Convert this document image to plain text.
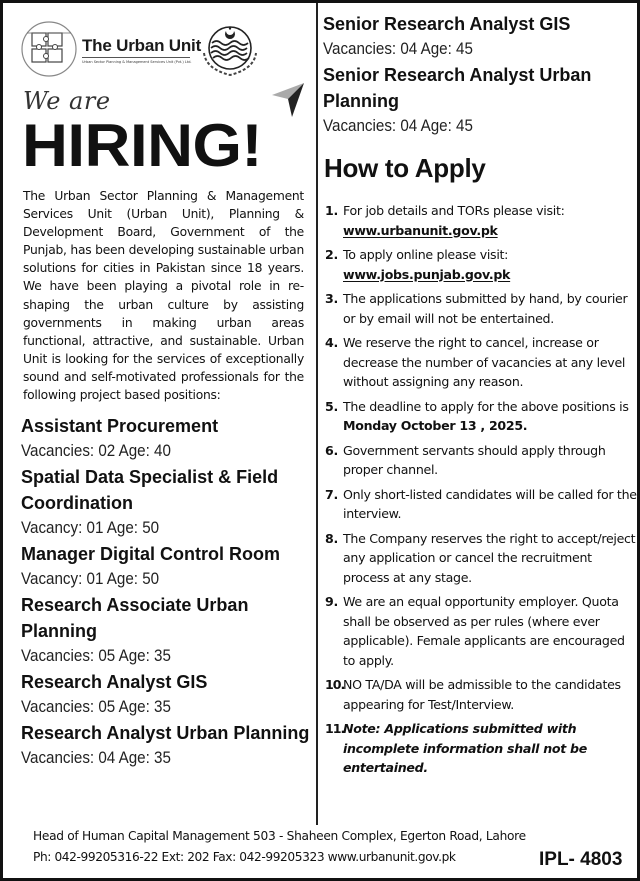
The Urban Unit
Urban Sector Planning & Management Services Unit (Pvt.) Ltd.
We are
HIRING!

The Urban Sector Planning & Management Services Unit (Urban Unit), Planning & Development Board, Government of the Punjab, has been developing sustainable urban solutions for cities in Pakistan since 18 years. We have been playing a pivotal role in re-shaping the urban culture by assisting governments in making urban areas functional, attractive, and sustainable. Urban Unit is looking for the services of exceptionally sound and self-motivated professionals for the following project based positions:

Assistant Procurement
Vacancies: 02 Age: 40
Spatial Data Specialist & Field Coordination
Vacancy: 01 Age: 50
Manager Digital Control Room
Vacancy: 01 Age: 50
Research Associate Urban Planning
Vacancies: 05 Age: 35
Research Analyst GIS
Vacancies: 05 Age: 35
Research Analyst Urban Planning
Vacancies: 04 Age: 35
Senior Research Analyst GIS
Vacancies: 04 Age: 45
Senior Research Analyst Urban Planning
Vacancies: 04 Age: 45
How to Apply
1. For job details and TORs please visit:
www.urbanunit.gov.pk
2. To apply online please visit:
www.jobs.punjab.gov.pk
3. The applications submitted by hand, by courier or by email will not be entertained.
4. We reserve the right to cancel, increase or decrease the number of vacancies at any level without assigning any reason.
5. The deadline to apply for the above positions is Monday October 13 , 2025.
6. Government servants should apply through proper channel.
7. Only short-listed candidates will be called for the interview.
8. The Company reserves the right to accept/reject any application or cancel the recruitment process at any stage.
9. We are an equal opportunity employer. Quota shall be observed as per rules (where ever applicable). Female applicants are encouraged to apply.
10.
NO TA/DA will be admissible to the candidates appearing for Test/Interview.
11.
Note: Applications submitted with incomplete information shall not be entertained.
Head of Human Capital Management 503 - Shaheen Complex, Egerton Road, Lahore
Ph: 042-99205316-22 Ext: 202 Fax: 042-99205323 www.urbanunit.gov.pk	IPL- 4803
